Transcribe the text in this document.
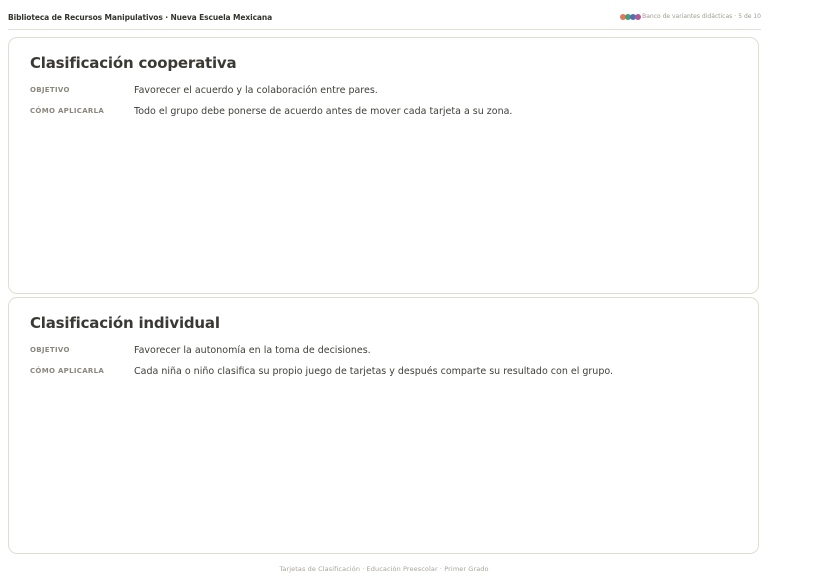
Biblioteca de Recursos Manipulativos · Nueva Escuela Mexicana	Banco de variantes didácticas · 5 de 10
Clasificación cooperativa
OBJETIVO	Favorecer el acuerdo y la colaboración entre pares.
CÓMO APLICARLA	Todo el grupo debe ponerse de acuerdo antes de mover cada tarjeta a su zona.
Clasificación individual
OBJETIVO	Favorecer la autonomía en la toma de decisiones.
CÓMO APLICARLA	Cada niña o niño clasifica su propio juego de tarjetas y después comparte su resultado con el grupo.
Tarjetas de Clasificación · Educación Preescolar · Primer Grado
